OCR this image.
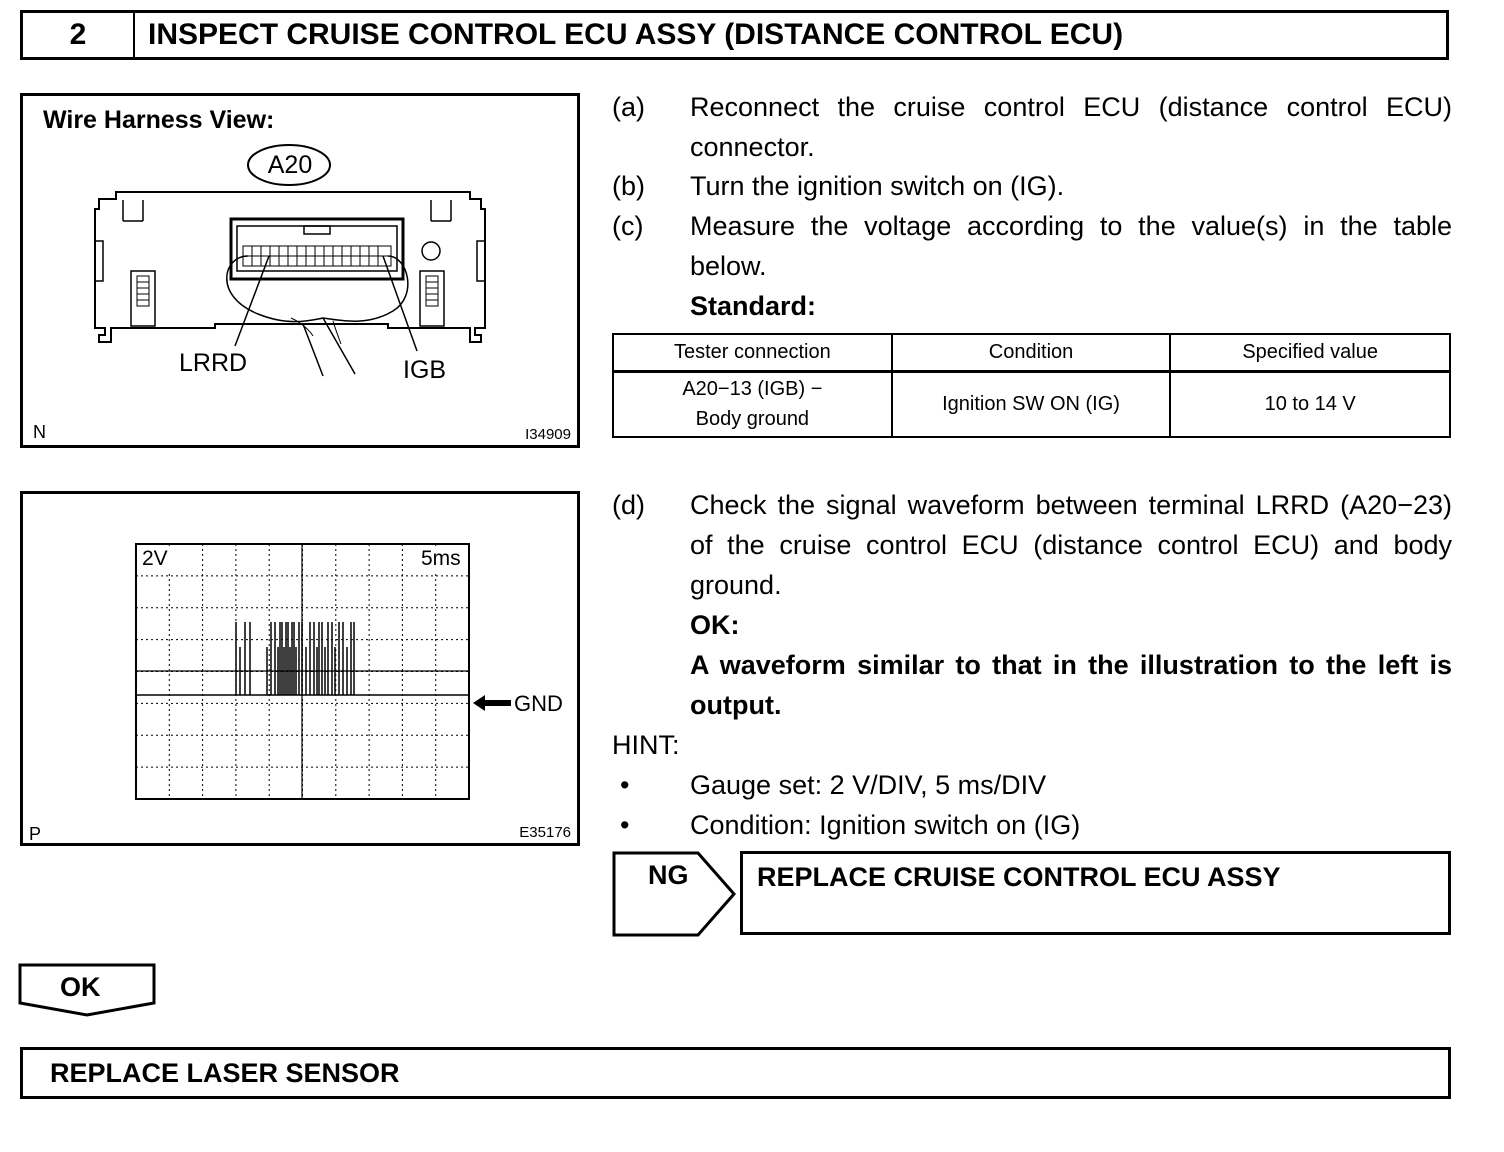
2	INSPECT CRUISE CONTROL ECU ASSY (DISTANCE CONTROL ECU)
Wire Harness View:
A20
LRRD	IGB
N	I34909
2V	5ms
GND
P	E35176
(a) Reconnect the cruise control ECU (distance control ECU) connector.
(b) Turn the ignition switch on (IG).
(c) Measure the voltage according to the value(s) in the table below.
Standard:
Tester connection	Condition	Specified value

A20−13 (IGB) −
Body ground	Ignition SW ON (IG)	10 to 14 V
(d) Check the signal waveform between terminal LRRD (A20−23) of the cruise control ECU (distance control ECU) and body ground.
OK:
A waveform similar to that in the illustration to the left is output.
HINT:
• Gauge set: 2 V/DIV, 5 ms/DIV
• Condition: Ignition switch on (IG)
NG	REPLACE CRUISE CONTROL ECU ASSY
OK
REPLACE LASER SENSOR
